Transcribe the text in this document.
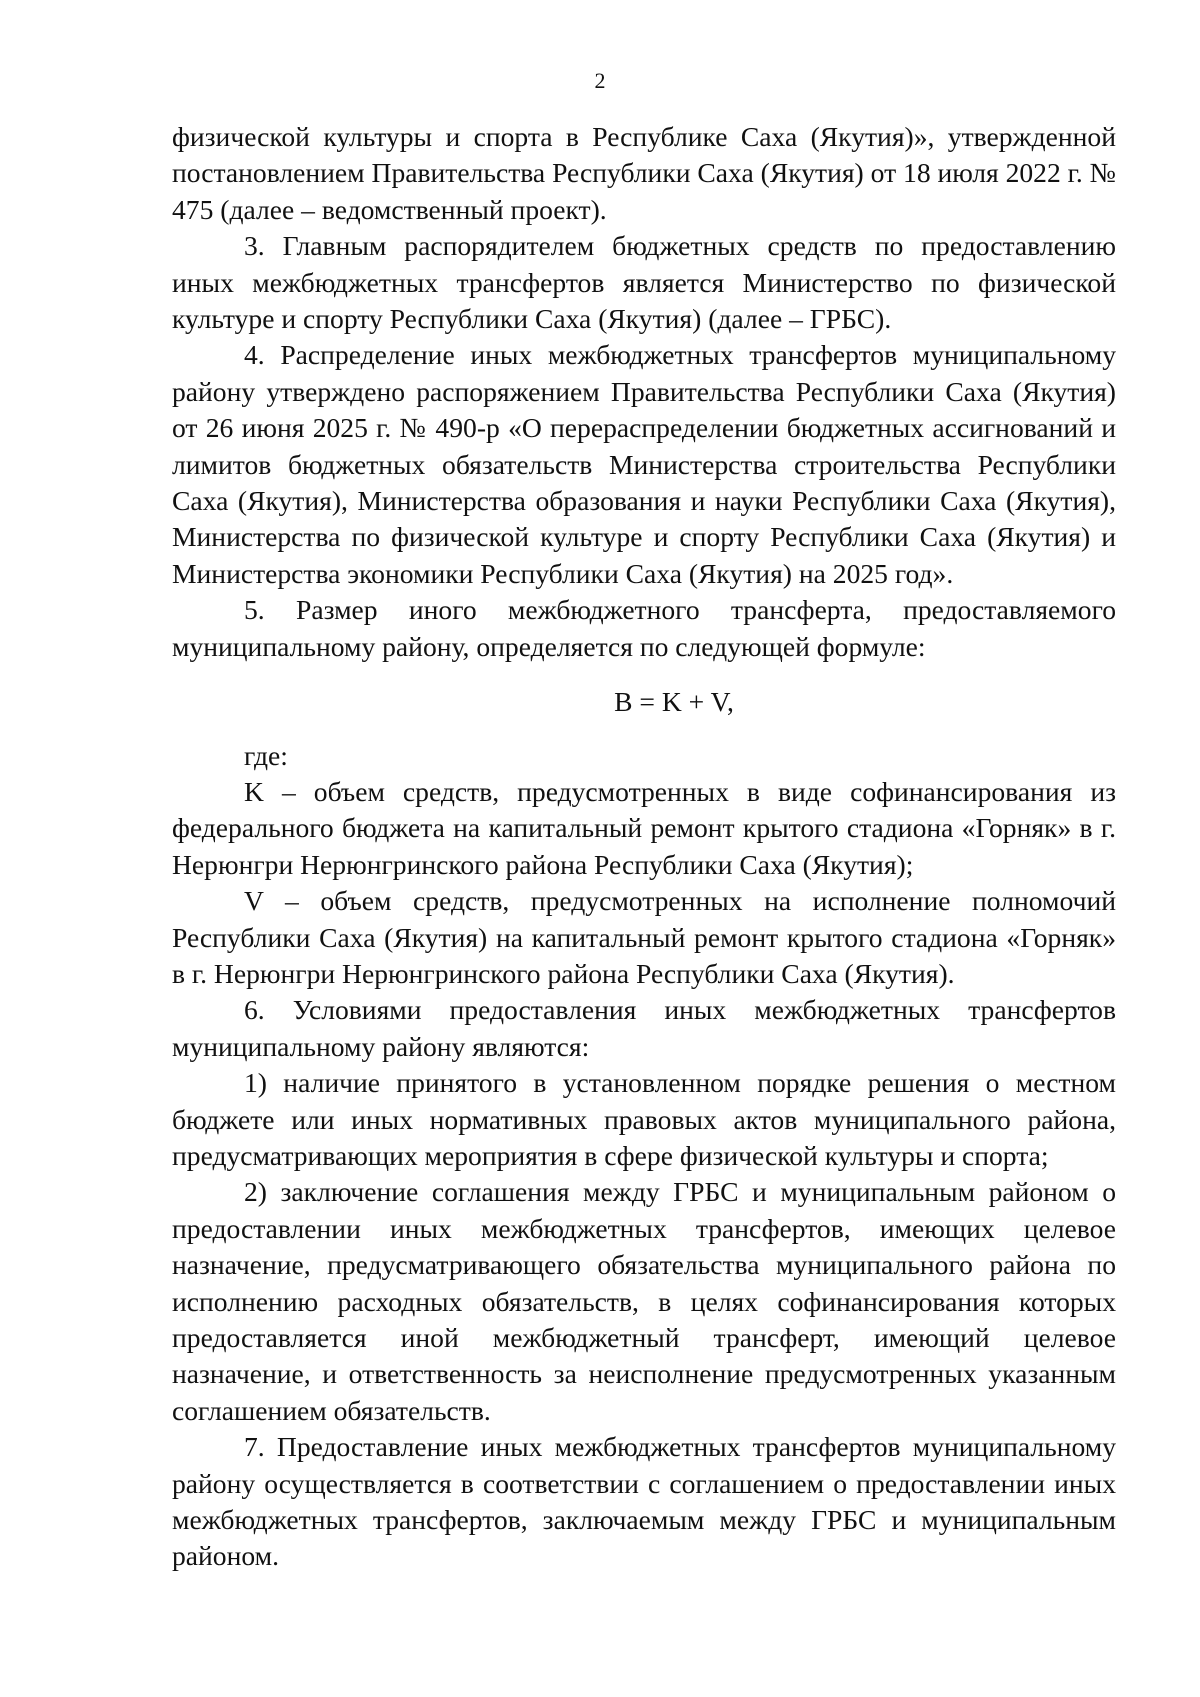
2

физической культуры и спорта в Республике Саха (Якутия)», утвержденной постановлением Правительства Республики Саха (Якутия) от 18 июля 2022 г. № 475 (далее – ведомственный проект).

3. Главным распорядителем бюджетных средств по предоставлению иных межбюджетных трансфертов является Министерство по физической культуре и спорту Республики Саха (Якутия) (далее – ГРБС).

4. Распределение иных межбюджетных трансфертов муниципальному району утверждено распоряжением Правительства Республики Саха (Якутия) от 26 июня 2025 г. № 490-р «О перераспределении бюджетных ассигнований и лимитов бюджетных обязательств Министерства строительства Республики Саха (Якутия), Министерства образования и науки Республики Саха (Якутия), Министерства по физической культуре и спорту Республики Саха (Якутия) и Министерства экономики Республики Саха (Якутия) на 2025 год».

5. Размер иного межбюджетного трансферта, предоставляемого муниципальному району, определяется по следующей формуле:

B = K + V,

где:

K – объем средств, предусмотренных в виде софинансирования из федерального бюджета на капитальный ремонт крытого стадиона «Горняк» в г. Нерюнгри Нерюнгринского района Республики Саха (Якутия);

V – объем средств, предусмотренных на исполнение полномочий Республики Саха (Якутия) на капитальный ремонт крытого стадиона «Горняк» в г. Нерюнгри Нерюнгринского района Республики Саха (Якутия).

6. Условиями предоставления иных межбюджетных трансфертов муниципальному району являются:

1) наличие принятого в установленном порядке решения о местном бюджете или иных нормативных правовых актов муниципального района, предусматривающих мероприятия в сфере физической культуры и спорта;

2) заключение соглашения между ГРБС и муниципальным районом о предоставлении иных межбюджетных трансфертов, имеющих целевое назначение, предусматривающего обязательства муниципального района по исполнению расходных обязательств, в целях софинансирования которых предоставляется иной межбюджетный трансферт, имеющий целевое назначение, и ответственность за неисполнение предусмотренных указанным соглашением обязательств.

7. Предоставление иных межбюджетных трансфертов муниципальному району осуществляется в соответствии с соглашением о предоставлении иных межбюджетных трансфертов, заключаемым между ГРБС и муниципальным районом.
